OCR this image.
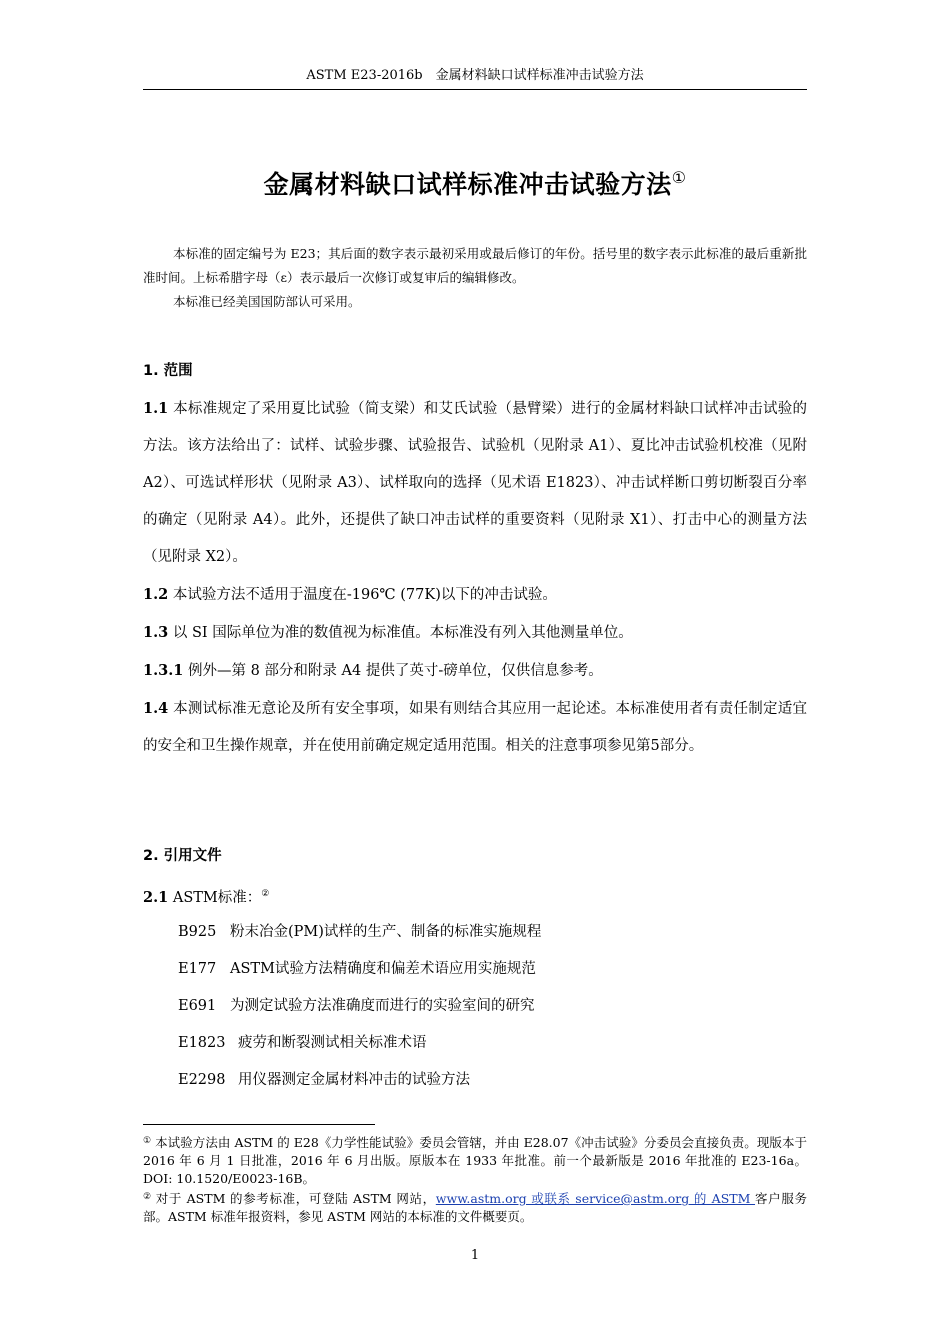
ASTM E23-2016b　金属材料缺口试样标准冲击试验方法
金属材料缺口试样标准冲击试验方法①

本标准的固定编号为 E23；其后面的数字表示最初采用或最后修订的年份。括号里的数字表示此标准的最后重新批准时间。上标希腊字母（ε）表示最后一次修订或复审后的编辑修改。

本标准已经美国国防部认可采用。

1. 范围

1.1 本标准规定了采用夏比试验（简支梁）和艾氏试验（悬臂梁）进行的金属材料缺口试样冲击试验的方法。该方法给出了：试样、试验步骤、试验报告、试验机（见附录 A1）、夏比冲击试验机校准（见附 A2）、可选试样形状（见附录 A3）、试样取向的选择（见术语 E1823）、冲击试样断口剪切断裂百分率的确定（见附录 A4）。此外，还提供了缺口冲击试样的重要资料（见附录 X1）、打击中心的测量方法（见附录 X2）。

1.2 本试验方法不适用于温度在-196℃ (77K)以下的冲击试验。

1.3 以 SI 国际单位为准的数值视为标准值。本标准没有列入其他测量单位。

1.3.1 例外—第 8 部分和附录 A4 提供了英寸-磅单位，仅供信息参考。

1.4 本测试标准无意论及所有安全事项，如果有则结合其应用一起论述。本标准使用者有责任制定适宜的安全和卫生操作规章，并在使用前确定规定适用范围。相关的注意事项参见第5部分。

2. 引用文件

2.1 ASTM标准：②

B925 粉末冶金(PM)试样的生产、制备的标准实施规程
E177 ASTM试验方法精确度和偏差术语应用实施规范
E691 为测定试验方法准确度而进行的实验室间的研究
E1823 疲劳和断裂测试相关标准术语
E2298 用仪器测定金属材料冲击的试验方法

① 本试验方法由 ASTM 的 E28《力学性能试验》委员会管辖，并由 E28.07《冲击试验》分委员会直接负责。现版本于 2016 年 6 月 1 日批准，2016 年 6 月出版。原版本在 1933 年批准。前一个最新版是 2016 年批准的 E23-16a。 DOI: 10.1520/E0023-16B。

② 对于 ASTM 的参考标准，可登陆 ASTM 网站，www.astm.org 或联系 service@astm.org 的 ASTM 客户服务部。ASTM 标准年报资料，参见 ASTM 网站的本标准的文件概要页。

1
